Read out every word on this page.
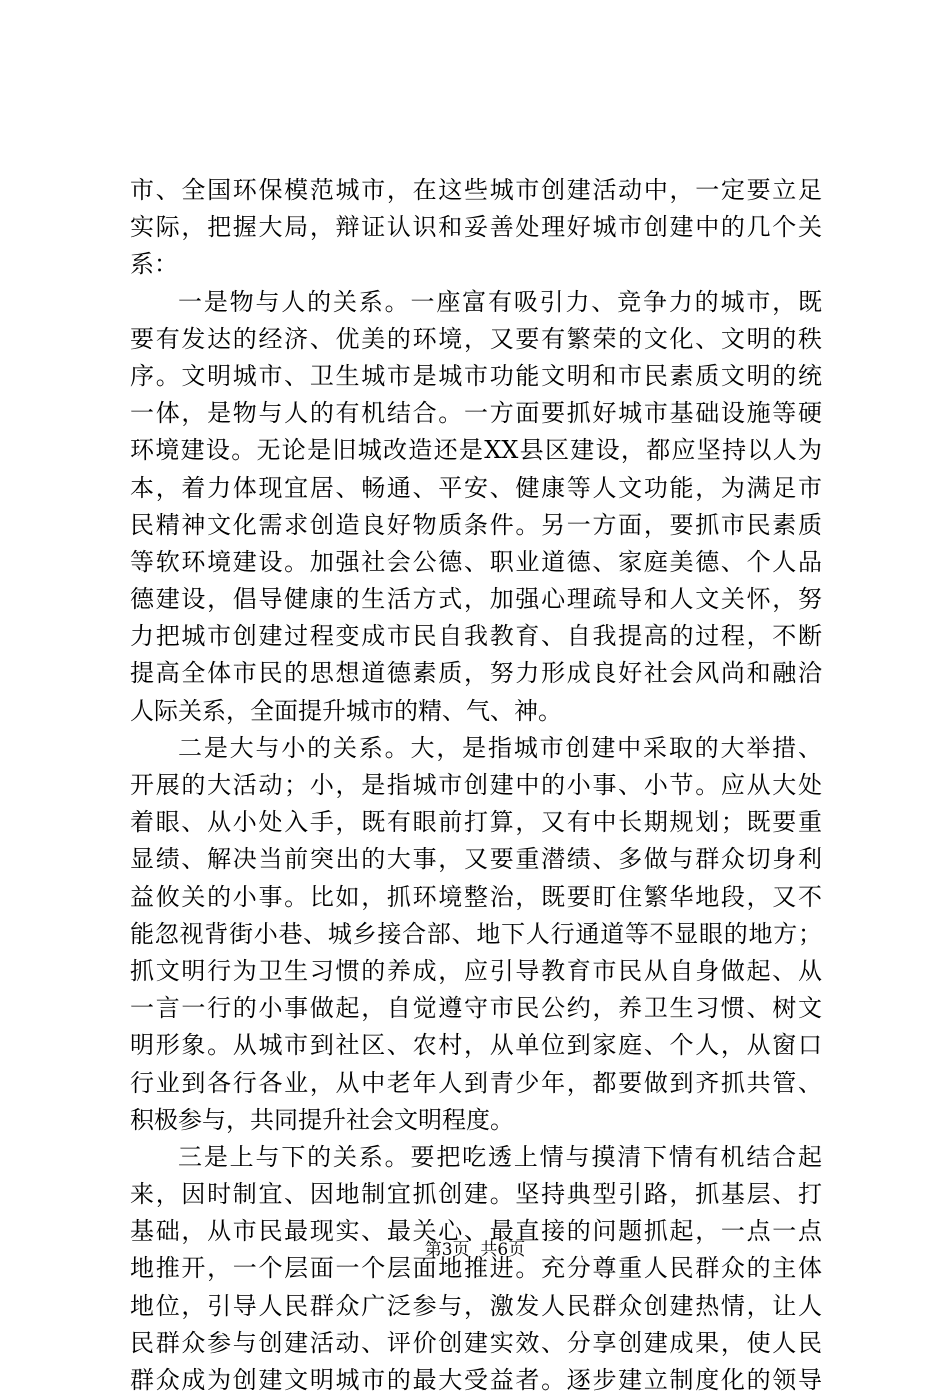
市、全国环保模范城市，在这些城市创建活动中，一定要立足
实际，把握大局，辩证认识和妥善处理好城市创建中的几个关
系：
一是物与人的关系。一座富有吸引力、竞争力的城市，既
要有发达的经济、优美的环境，又要有繁荣的文化、文明的秩
序。文明城市、卫生城市是城市功能文明和市民素质文明的统
一体，是物与人的有机结合。一方面要抓好城市基础设施等硬
环境建设。无论是旧城改造还是XX县区建设，都应坚持以人为
本，着力体现宜居、畅通、平安、健康等人文功能，为满足市
民精神文化需求创造良好物质条件。另一方面，要抓市民素质
等软环境建设。加强社会公德、职业道德、家庭美德、个人品
德建设，倡导健康的生活方式，加强心理疏导和人文关怀，努
力把城市创建过程变成市民自我教育、自我提高的过程，不断
提高全体市民的思想道德素质，努力形成良好社会风尚和融洽
人际关系，全面提升城市的精、气、神。
二是大与小的关系。大，是指城市创建中采取的大举措、
开展的大活动；小，是指城市创建中的小事、小节。应从大处
着眼、从小处入手，既有眼前打算，又有中长期规划；既要重
显绩、解决当前突出的大事，又要重潜绩、多做与群众切身利
益攸关的小事。比如，抓环境整治，既要盯住繁华地段，又不
能忽视背街小巷、城乡接合部、地下人行通道等不显眼的地方；
抓文明行为卫生习惯的养成，应引导教育市民从自身做起、从
一言一行的小事做起，自觉遵守市民公约，养卫生习惯、树文
明形象。从城市到社区、农村，从单位到家庭、个人，从窗口
行业到各行各业，从中老年人到青少年，都要做到齐抓共管、
积极参与，共同提升社会文明程度。
三是上与下的关系。要把吃透上情与摸清下情有机结合起
来，因时制宜、因地制宜抓创建。坚持典型引路，抓基层、打
基础，从市民最现实、最关心、最直接的问题抓起，一点一点
地推开，一个层面一个层面地推进。充分尊重人民群众的主体
地位，引导人民群众广泛参与，激发人民群众创建热情，让人
民群众参与创建活动、评价创建实效、分享创建成果，使人民
群众成为创建文明城市的最大受益者。逐步建立制度化的领导
第3页  共6页
